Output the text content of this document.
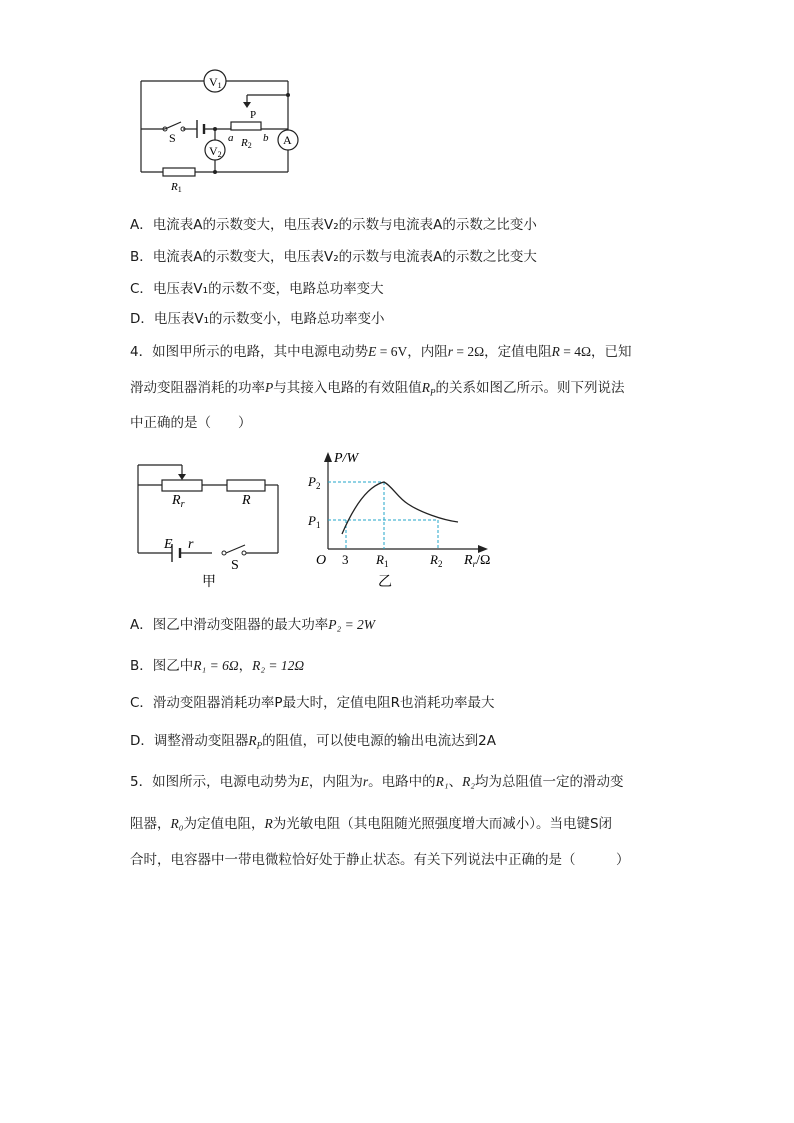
V1
V2
A
S
P
a	b
R2
R1
A．电流表A的示数变大，电压表V₂的示数与电流表A的示数之比变小
B．电流表A的示数变大，电压表V₂的示数与电流表A的示数之比变大
C．电压表V₁的示数不变，电路总功率变大
D．电压表V₁的示数变小，电路总功率变小
4．如图甲所示的电路，其中电源电动势E = 6V，内阻r = 2Ω，定值电阻R = 4Ω，已知
滑动变阻器消耗的功率P与其接入电路的有效阻值$R_P$的关系如图乙所示。则下列说法
中正确的是（　　）
$R_r$	R
E r
S
甲
P/W
$P_2$
$P_1$
O 3 $R_1$	$R_2$ $R_r/\Omega$
乙
A．图乙中滑动变阻器的最大功率P₂ = 2W
B．图乙中R₁ = 6Ω，R₂ = 12Ω
C．滑动变阻器消耗功率P最大时，定值电阻R也消耗功率最大
D．调整滑动变阻器$R_P$的阻值，可以使电源的输出电流达到2A
5．如图所示，电源电动势为E，内阻为r。电路中的R₁、R₂均为总阻值一定的滑动变
阻器，R₀为定值电阻，R为光敏电阻（其电阻随光照强度增大而减小）。当电键S闭
合时，电容器中一带电微粒恰好处于静止状态。有关下列说法中正确的是（　　　）
